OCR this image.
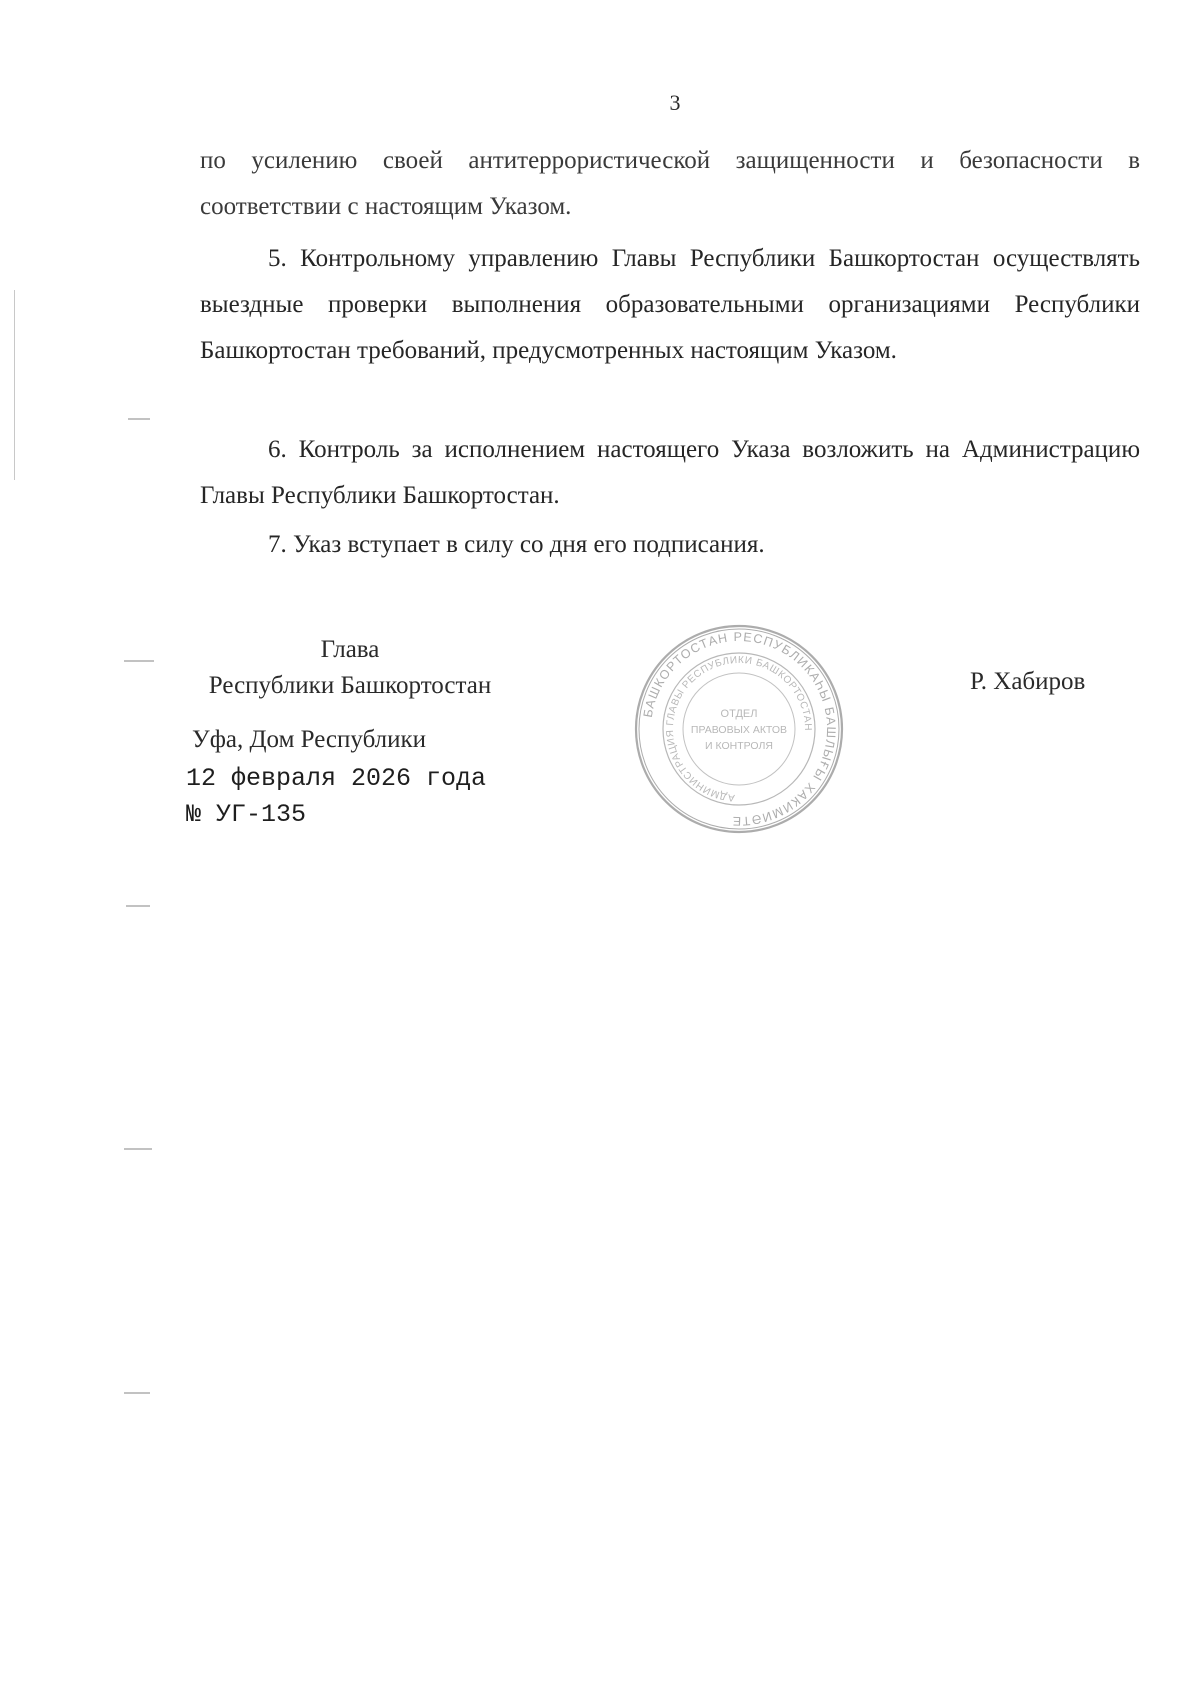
3

по усилению своей антитеррористической защищенности и безопасности в соответствии с настоящим Указом.

5. Контрольному управлению Главы Республики Башкортостан осуществлять выездные проверки выполнения образовательными организациями Республики Башкортостан требований, предусмотренных настоящим Указом.

6. Контроль за исполнением настоящего Указа возложить на Администрацию Главы Республики Башкортостан.

7. Указ вступает в силу со дня его подписания.

Глава
Республики Башкортостан	Р. Хабиров
Уфа, Дом Республики
12 февраля 2026 года
№ УГ-135
БАШКОРТОСТАН РЕСПУБЛИКАҺЫ БАШЛЫҒЫ ХАКИМИӘТЕ
АДМИНИСТРАЦИЯ ГЛАВЫ РЕСПУБЛИКИ БАШКОРТОСТАН
ОТДЕЛ
ПРАВОВЫХ АКТОВ
И КОНТРОЛЯ
